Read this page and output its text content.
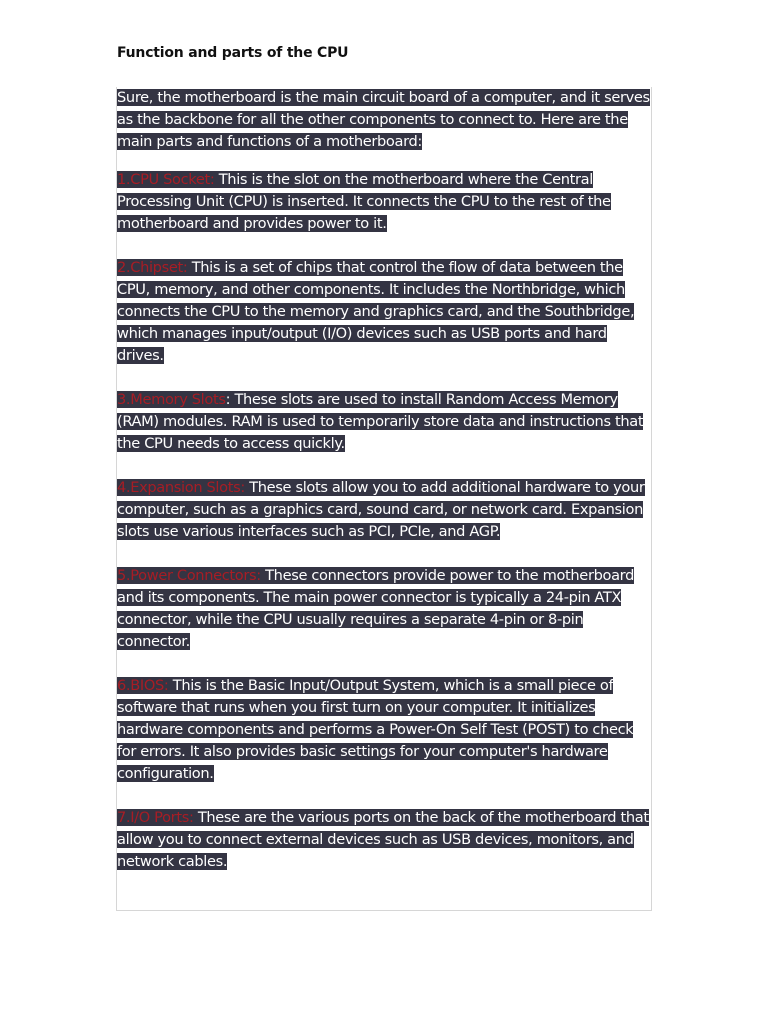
Function and parts of the CPU

Sure, the motherboard is the main circuit board of a computer, and it serves as the backbone for all the other components to connect to. Here are the main parts and functions of a motherboard:

1.CPU Socket: This is the slot on the motherboard where the Central Processing Unit (CPU) is inserted. It connects the CPU to the rest of the motherboard and provides power to it.

2.Chipset: This is a set of chips that control the flow of data between the CPU, memory, and other components. It includes the Northbridge, which connects the CPU to the memory and graphics card, and the Southbridge, which manages input/output (I/O) devices such as USB ports and hard drives.

3.Memory Slots: These slots are used to install Random Access Memory (RAM) modules. RAM is used to temporarily store data and instructions that the CPU needs to access quickly.

4.Expansion Slots: These slots allow you to add additional hardware to your computer, such as a graphics card, sound card, or network card. Expansion slots use various interfaces such as PCI, PCIe, and AGP.

5.Power Connectors: These connectors provide power to the motherboard and its components. The main power connector is typically a 24-pin ATX connector, while the CPU usually requires a separate 4-pin or 8-pin connector.

6.BIOS: This is the Basic Input/Output System, which is a small piece of software that runs when you first turn on your computer. It initializes hardware components and performs a Power-On Self Test (POST) to check for errors. It also provides basic settings for your computer's hardware configuration.

7.I/O Ports: These are the various ports on the back of the motherboard that allow you to connect external devices such as USB devices, monitors, and network cables.
